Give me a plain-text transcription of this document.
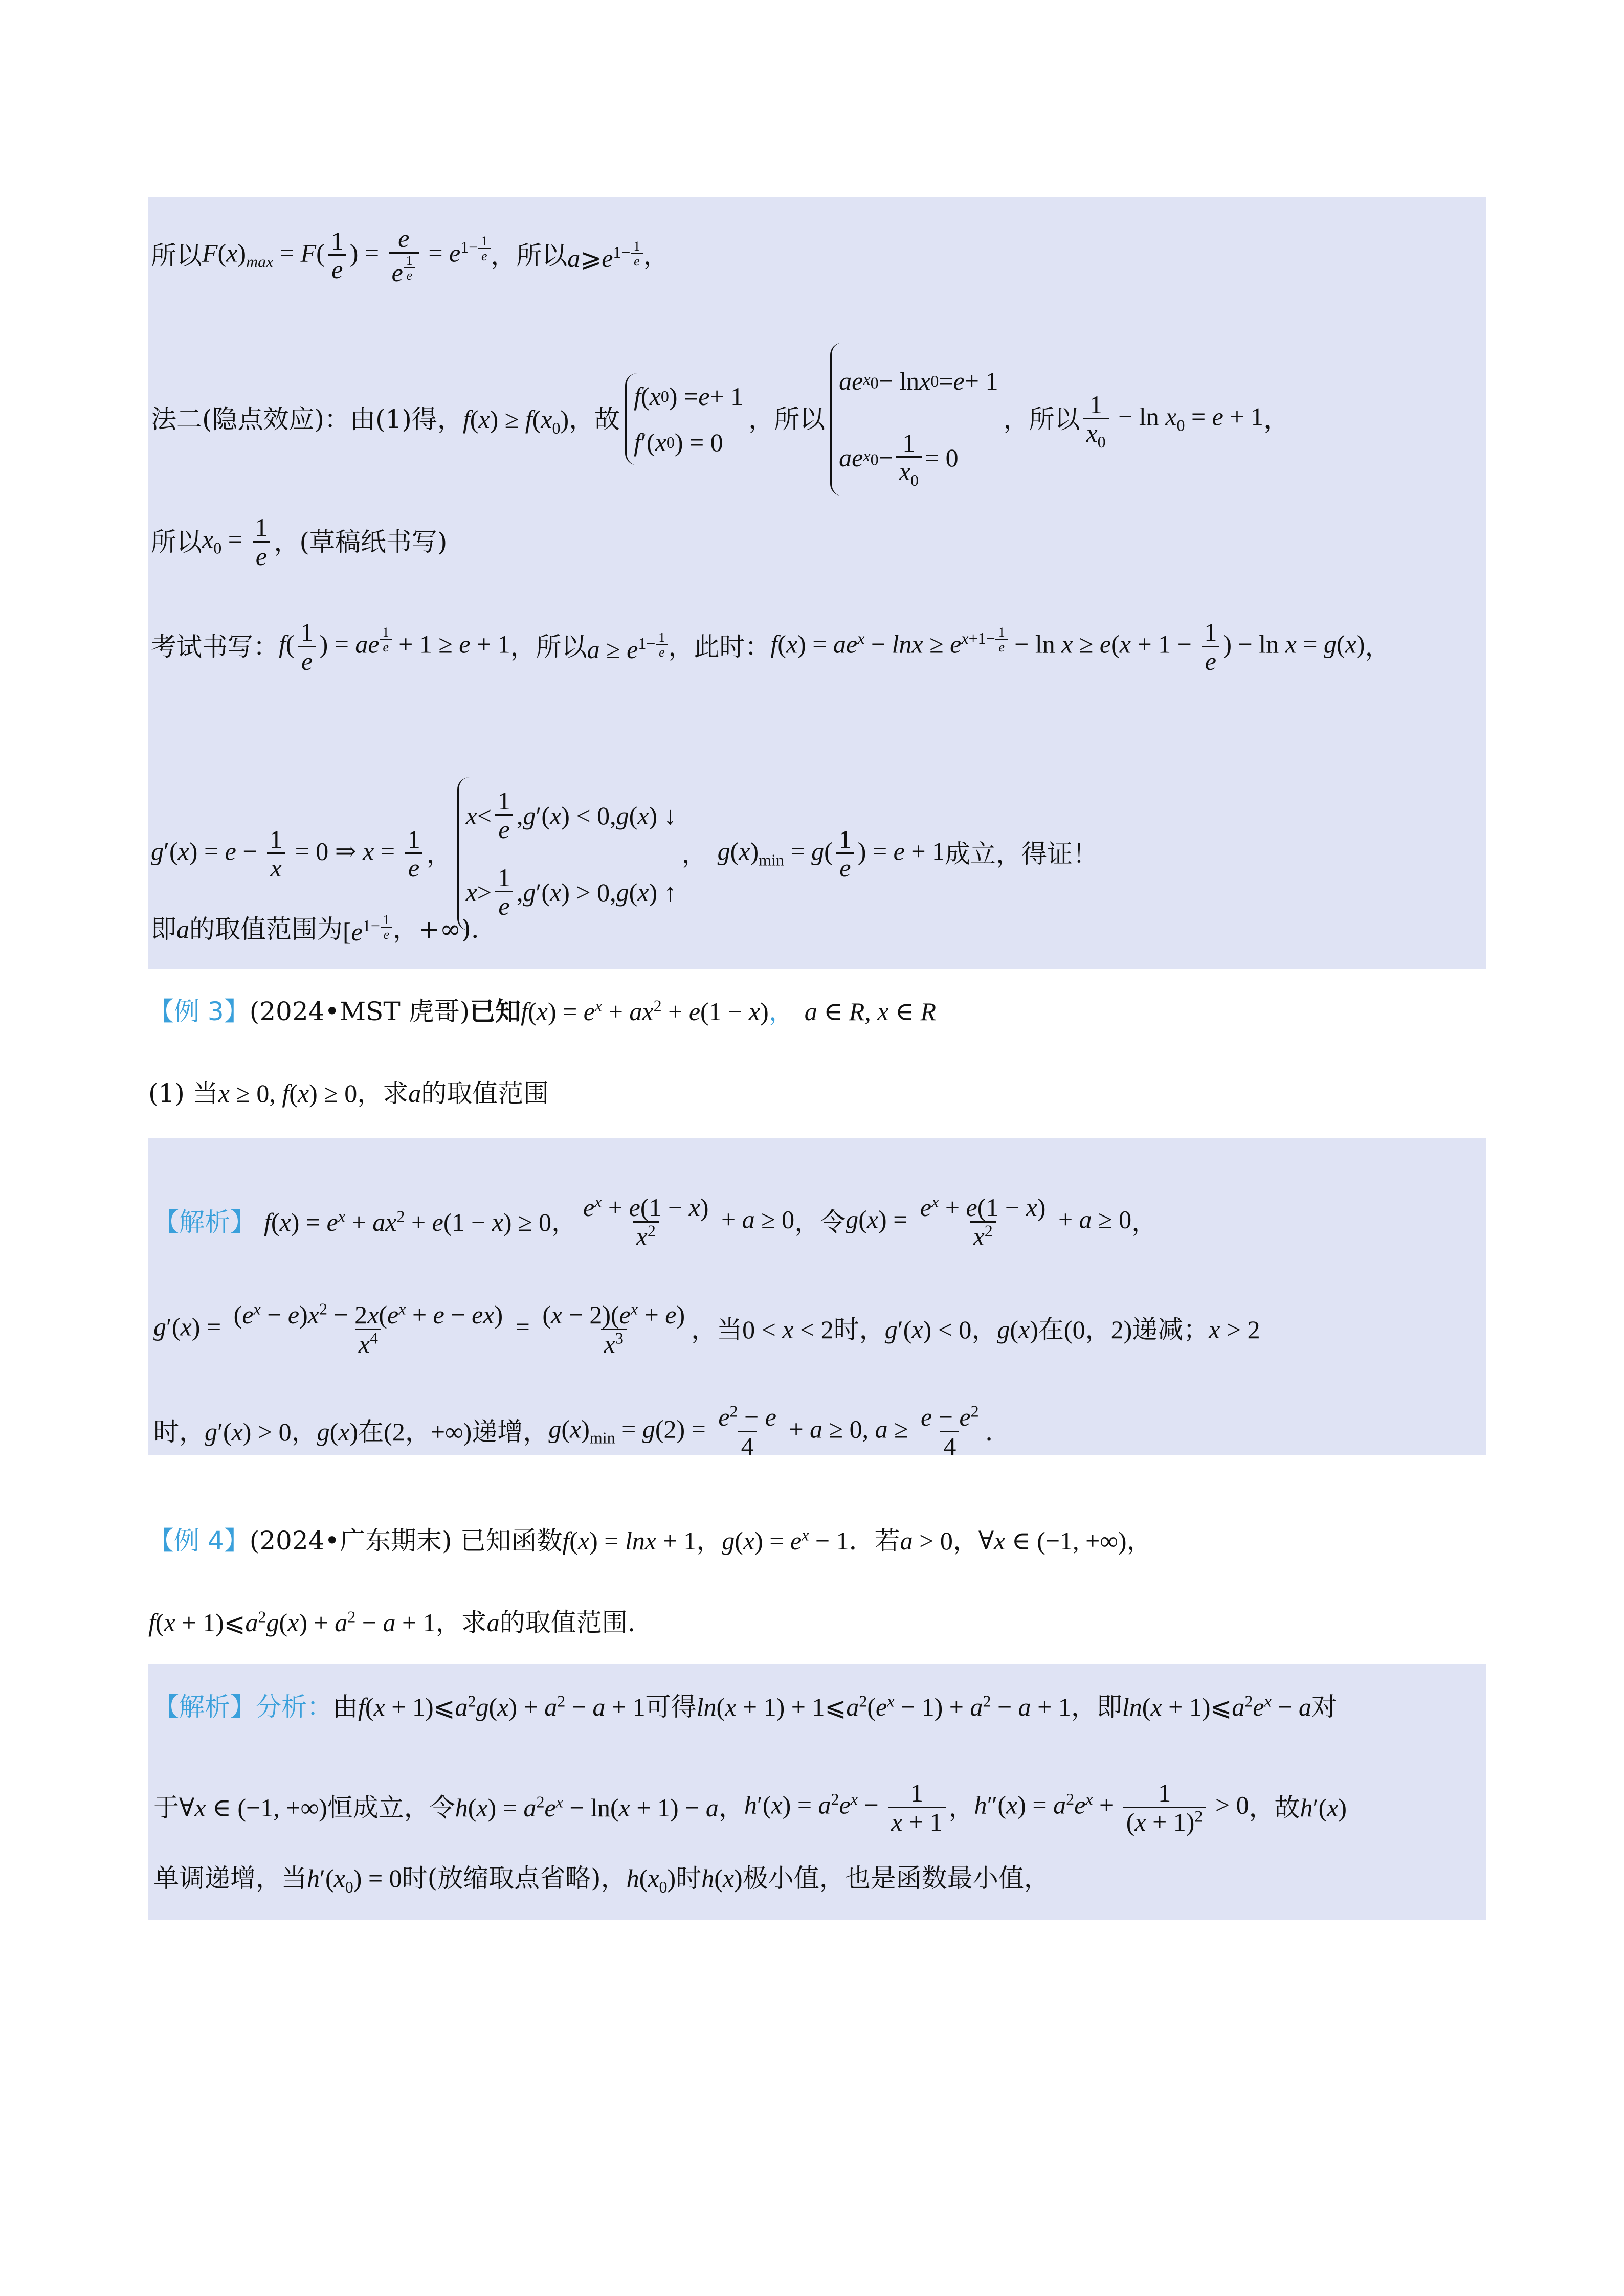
所以 $F(x)_{max} = F( \frac{1}{e}$ ) = e
e $^{\frac{1}{e}} = e^{1- \frac{1}{e}}$ ，所以 $a⩾e^{1- \frac{1}{e}}$ ，
法二(隐点效应)：由(1)得， $f(x) \ge f(x_0)$ ，故
f ( x 0 ) = e + 1
f ′( x 0 ) = 0
，所以
ae $x_0 - \ln x$ 0 = e + 1
ae $x_0 - \frac{1}{x_0} = 0$
，所以 $\frac{1}{x_0} - \ln x_0 = e + 1$ ，
所以 $x_0 = \frac{1}{e}$ ，(草稿纸书写)
考试书写： $f( \frac{1}{e}$ ) = ae $^{\frac{1}{e}}$ + 1 ≥ e + 1 ，所以 $a \ge e^{1- \frac{1}{e}}$ ，此时： $f(x) = ae^x - \ln x \ge e^{x+1- \frac{1}{e}} - \ln x \ge e(x + 1 - \frac{1}{e}$ ) − ln x = g(x) ，
$g'(x) = e - \frac{1}{x} = 0$ ⇒ $x = \frac{1}{e}$ ，
$x < \frac{1}{e}$ , g ′( x ) < 0, g ( x ) ↓
$x > \frac{1}{e}$ , g ′( x ) > 0, g ( x ) ↑
， $g(x)_{min} = g( \frac{1}{e}$ ) = e + 1 成立，得证！
即 a 的取值范围为 [$e^{1- \frac{1}{e}}$ ，+∞)．
【例 3】 (2024•MST 虎哥) 已知 $f(x) = e^x + ax^2 + e(1 - x)$ ， a ∈ R, x ∈ R
(1) 当 x ≥ 0, f(x) ≥ 0 ，求 a 的取值范围
【解析】 $f(x) = e^x + ax^2 + e(1 - x) \ge 0$ ， $\frac{e^x + e(1 - x)}{x^2} + a \ge 0$ ，令 $g(x) = \frac{e^x + e(1 - x)}{x^2} + a \ge 0$ ，
$g'(x) = \frac{(e^x - e)x^2 - 2x(e^x + e - ex)}{x^4} = \frac{(x - 2)(e^x + e)}{x^3}$ ，当 0 < x < 2 时， g′(x) < 0 ， g(x) 在 (0，2) 递减； x > 2
时， g′(x) > 0 ， g(x) 在 (2，+∞) 递增， $g(x)_{min} = g(2) = \frac{e^2 - e}{4} + a \ge 0$, $a \ge \frac{e - e^2}{4}$ .
【例 4】 (2024•广东期末) 已知函数 f(x) = lnx + 1 ， $g(x) = e^x - 1$ ．若 a > 0 ， ∀x ∈ (−1, +∞) ，
$f(x + 1)⩽a^2g(x) + a^2 - a + 1$ ，求 a 的取值范围.
【解析】 分析： 由 $f(x + 1)⩽a^2g(x) + a^2 - a + 1$ 可得 $\ln(x + 1) + 1⩽a^2(e^x - 1) + a^2 - a + 1$ ，即 $\ln(x + 1)⩽a^2e^x - a$ 对
于 ∀x ∈ (−1, +∞) 恒成立，令 $h(x) = a^2e^x - \ln(x + 1) - a$ ， $h'(x) = a^2e^x - \frac{1}{x + 1}$ ， $h''(x) = a^2e^x + \frac{1}{(x + 1)^2} > 0$ ，故 h′(x)
单调递增，当 $h'(x_0) = 0$ 时(放缩取点省略)， $h(x_0)$ 时 h(x) 极小值，也是函数最小值，
